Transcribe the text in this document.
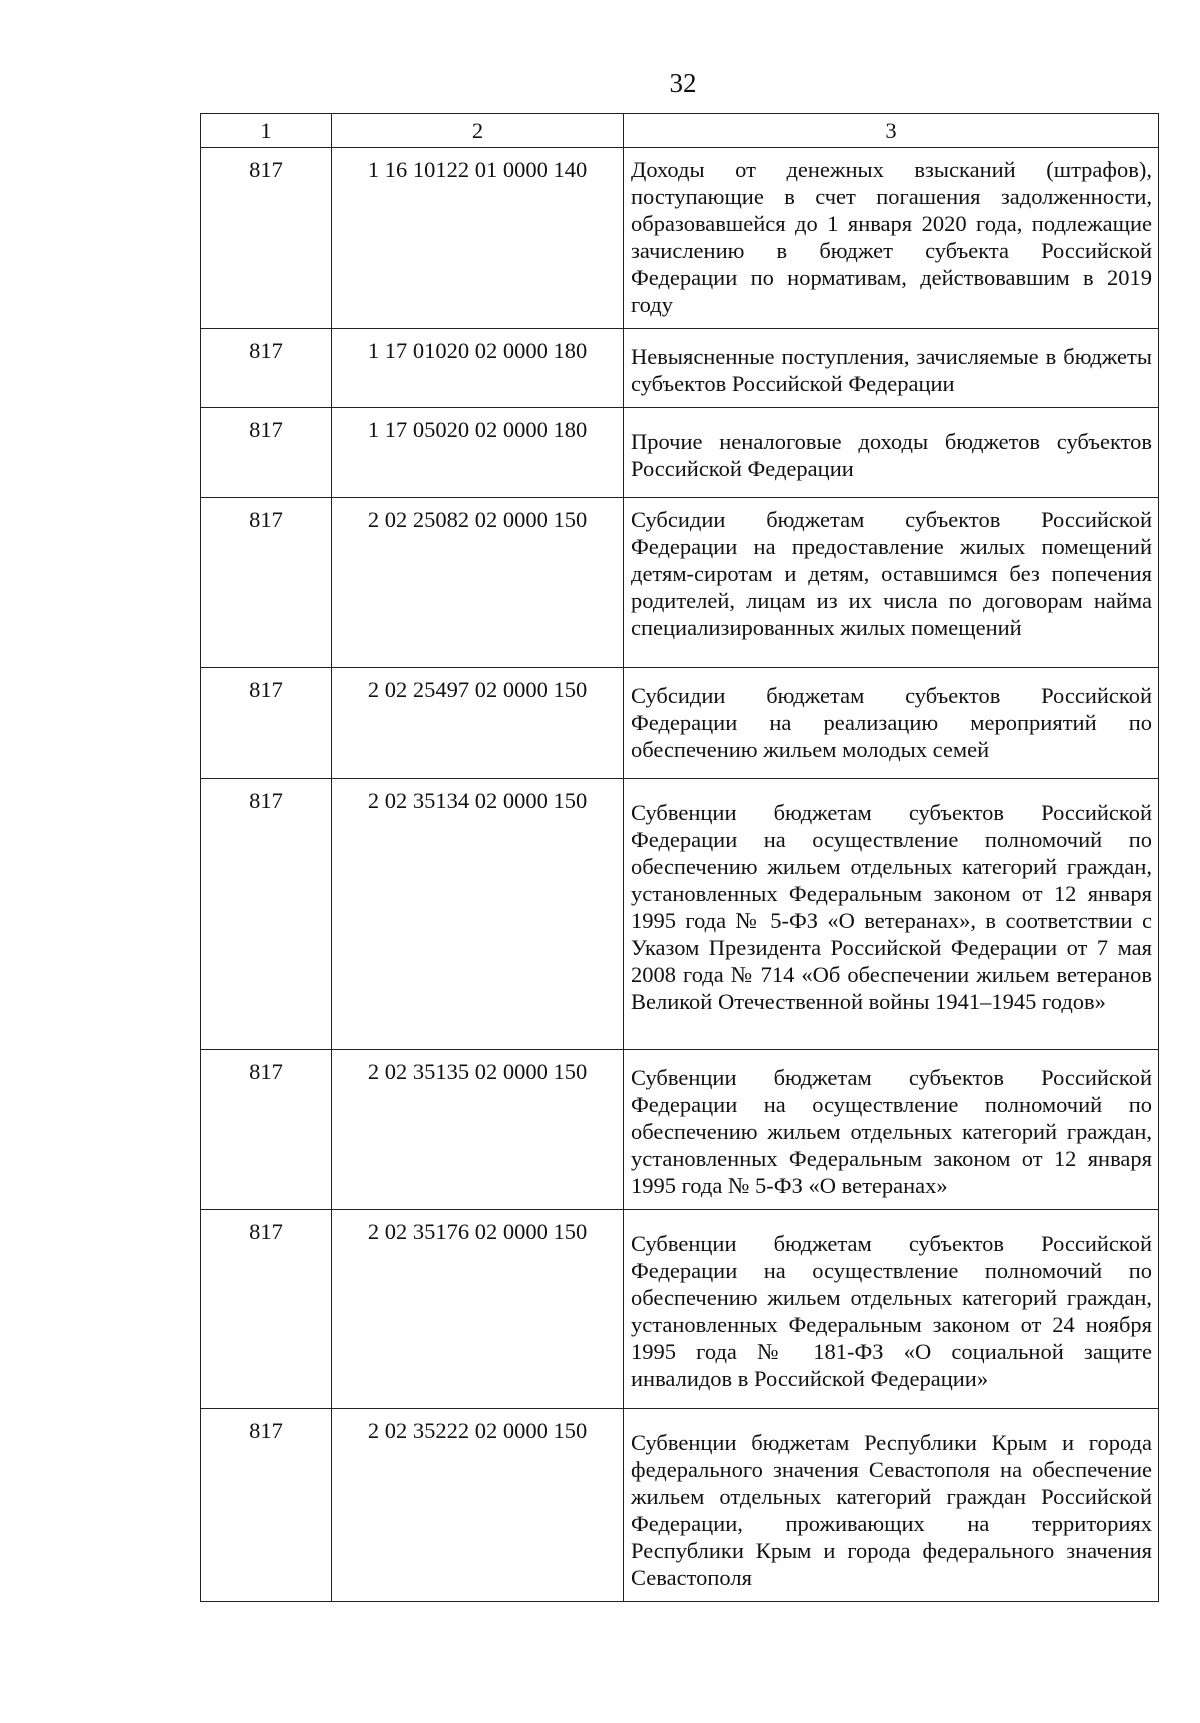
32
1	2	3
817	1 16 10122 01 0000 140	Доходы от денежных взысканий (штрафов), поступающие в счет погашения задолженности, образовавшейся до 1 января 2020 года, подлежащие зачислению в бюджет субъекта Российской Федерации по нормативам, действовавшим в 2019 году
817	1 17 01020 02 0000 180	Невыясненные поступления, зачисляемые в бюджеты субъектов Российской Федерации
817	1 17 05020 02 0000 180	Прочие неналоговые доходы бюджетов субъектов Российской Федерации
817	2 02 25082 02 0000 150	Субсидии бюджетам субъектов Российской Федерации на предоставление жилых помещений детям-сиротам и детям, оставшимся без попечения родителей, лицам из их числа по договорам найма специализированных жилых помещений
817	2 02 25497 02 0000 150	Субсидии бюджетам субъектов Российской Федерации на реализацию мероприятий по обеспечению жильем молодых семей
817	2 02 35134 02 0000 150	Субвенции бюджетам субъектов Российской Федерации на осуществление полномочий по обеспечению жильем отдельных категорий граждан, установленных Федеральным законом от 12 января 1995 года № 5-ФЗ «О ветеранах», в соответствии с Указом Президента Российской Федерации от 7 мая 2008 года № 714 «Об обеспечении жильем ветеранов Великой Отечественной войны 1941–1945 годов»
817	2 02 35135 02 0000 150	Субвенции бюджетам субъектов Российской Федерации на осуществление полномочий по обеспечению жильем отдельных категорий граждан, установленных Федеральным законом от 12 января 1995 года № 5-ФЗ «О ветеранах»
817	2 02 35176 02 0000 150	Субвенции бюджетам субъектов Российской Федерации на осуществление полномочий по обеспечению жильем отдельных категорий граждан, установленных Федеральным законом от 24 ноября 1995 года № 181-ФЗ «О социальной защите инвалидов в Российской Федерации»
817	2 02 35222 02 0000 150	Субвенции бюджетам Республики Крым и города федерального значения Севастополя на обеспечение жильем отдельных категорий граждан Российской Федерации, проживающих на территориях Республики Крым и города федерального значения Севастополя
